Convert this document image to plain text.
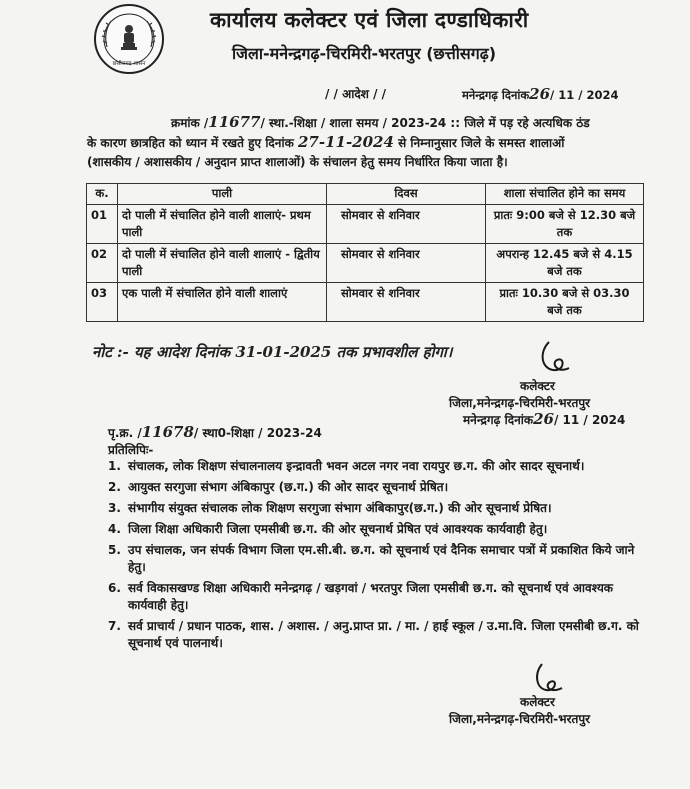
छत्तीसगढ़ शासन
कार्यालय कलेक्टर एवं जिला दण्डाधिकारी
जिला-मनेन्द्रगढ़-चिरमिरी-भरतपुर (छत्तीसगढ़)
/ / आदेश / /	मनेन्द्रगढ़ दिनांक26/ 11 / 2024
क्रमांक /11677/ स्था.-शिक्षा / शाला समय / 2023-24 :: जिले में पड़ रहे अत्यधिक ठंड
के कारण छात्रहित को ध्यान में रखते हुए दिनांक 27-11-2024 से निम्नानुसार जिले के समस्त शालाओं
(शासकीय / अशासकीय / अनुदान प्राप्त शालाओं) के संचालन हेतु समय निर्धारित किया जाता है।
क.	पाली	दिवस	शाला संचालित होने का समय
01	दो पाली में संचालित होने वाली शालाएं- प्रथम पाली	सोमवार से शनिवार	प्रातः 9:00 बजे से 12.30 बजे तक
02	दो पाली में संचालित होने वाली शालाएं - द्वितीय पाली	सोमवार से शनिवार	अपरान्ह 12.45 बजे से 4.15 बजे तक
03	एक पाली में संचालित होने वाली शालाएं	सोमवार से शनिवार	प्रातः 10.30 बजे से 03.30 बजे तक
नोट :- यह आदेश दिनांक 31-01-2025 तक प्रभावशील होगा।
कलेक्टर
जिला,मनेन्द्रगढ़-चिरमिरी-भरतपुर
मनेन्द्रगढ़ दिनांक26/ 11 / 2024
पृ.क्र. /11678/ स्था0-शिक्षा / 2023-24
प्रतिलिपिः-
1. संचालक, लोक शिक्षण संचालनालय इन्द्रावती भवन अटल नगर नवा रायपुर छ.ग. की ओर सादर सूचनार्थ।
2. आयुक्त सरगुजा संभाग अंबिकापुर (छ.ग.) की ओर सादर सूचनार्थ प्रेषित।
3. संभागीय संयुक्त संचालक लोक शिक्षण सरगुजा संभाग अंबिकापुर(छ.ग.) की ओर सूचनार्थ प्रेषित।
4. जिला शिक्षा अधिकारी जिला एमसीबी छ.ग. की ओर सूचनार्थ प्रेषित एवं आवश्यक कार्यवाही हेतु।
5. उप संचालक, जन संपर्क विभाग जिला एम.सी.बी. छ.ग. को सूचनार्थ एवं दैनिक समाचार पत्रों में प्रकाशित किये जाने हेतु।
6. सर्व विकासखण्ड शिक्षा अधिकारी मनेन्द्रगढ़ / खड़गवां / भरतपुर जिला एमसीबी छ.ग. को सूचनार्थ एवं आवश्यक कार्यवाही हेतु।
7. सर्व प्राचार्य / प्रधान पाठक, शास. / अशास. / अनु.प्राप्त प्रा. / मा. / हाई स्कूल / उ.मा.वि. जिला एमसीबी छ.ग. को सूचनार्थ एवं पालनार्थ।
कलेक्टर
जिला,मनेन्द्रगढ़-चिरमिरी-भरतपुर
